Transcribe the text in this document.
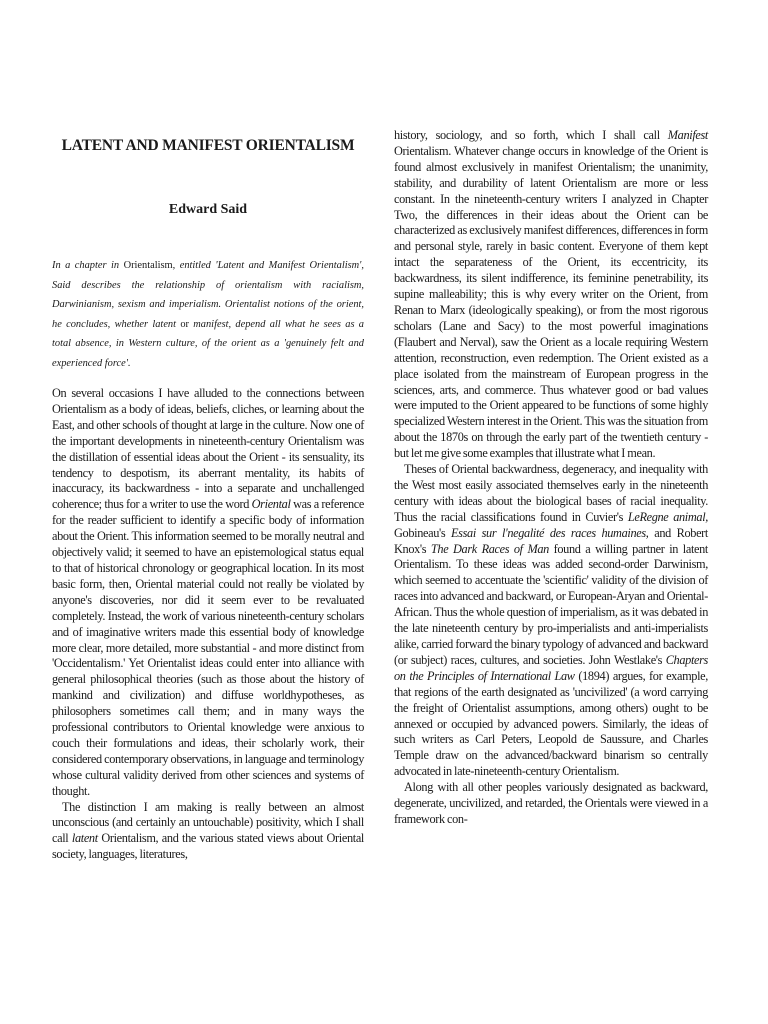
LATENT AND MANIFEST ORIENTALISM
Edward Said

In a chapter in Orientalism, entitled 'Latent and Manifest Orientalism', Said describes the relationship of orientalism with racialism, Darwinianism, sexism and imperialism. Orientalist notions of the orient, he concludes, whether latent or manifest, depend all what he sees as a total absence, in Western culture, of the orient as a 'genuinely felt and experienced force'.

On several occasions I have alluded to the connections between Orientalism as a body of ideas, beliefs, cliches, or learning about the East, and other schools of thought at large in the culture. Now one of the important developments in nineteenth-century Orientalism was the distillation of essential ideas about the Orient - its sensuality, its tendency to despotism, its aberrant mentality, its habits of inaccuracy, its backwardness - into a separate and unchallenged coherence; thus for a writer to use the word Oriental was a reference for the reader sufficient to identify a specific body of information about the Orient. This information seemed to be morally neutral and objectively valid; it seemed to have an epistemological status equal to that of historical chronology or geographical location. In its most basic form, then, Oriental material could not really be violated by anyone's discoveries, nor did it seem ever to be revaluated completely. Instead, the work of various nineteenth-century scholars and of imaginative writers made this essential body of knowledge more clear, more detailed, more substantial - and more distinct from 'Occidentalism.' Yet Orientalist ideas could enter into alliance with general philosophical theories (such as those about the history of mankind and civilization) and diffuse worldhypotheses, as philosophers sometimes call them; and in many ways the professional contributors to Oriental knowledge were anxious to couch their formulations and ideas, their scholarly work, their considered contemporary observations, in language and terminology whose cultural validity derived from other sciences and systems of thought.

The distinction I am making is really between an almost unconscious (and certainly an untouchable) positivity, which I shall call latent Orientalism, and the various stated views about Oriental society, languages, literatures,

history, sociology, and so forth, which I shall call Manifest Orientalism. Whatever change occurs in knowledge of the Orient is found almost exclusively in manifest Orientalism; the unanimity, stability, and durability of latent Orientalism are more or less constant. In the nineteenth-century writers I analyzed in Chapter Two, the differences in their ideas about the Orient can be characterized as exclusively manifest differences, differences in form and personal style, rarely in basic content. Everyone of them kept intact the separateness of the Orient, its eccentricity, its backwardness, its silent indifference, its feminine penetrability, its supine malleability; this is why every writer on the Orient, from Renan to Marx (ideologically speaking), or from the most rigorous scholars (Lane and Sacy) to the most powerful imaginations (Flaubert and Nerval), saw the Orient as a locale requiring Western attention, reconstruction, even redemption. The Orient existed as a place isolated from the mainstream of European progress in the sciences, arts, and commerce. Thus whatever good or bad values were imputed to the Orient appeared to be functions of some highly specialized Western interest in the Orient. This was the situation from about the 1870s on through the early part of the twentieth century - but let me give some examples that illustrate what I mean.

Theses of Oriental backwardness, degeneracy, and inequality with the West most easily associated themselves early in the nineteenth century with ideas about the biological bases of racial inequality. Thus the racial classifications found in Cuvier's LeRegne animal, Gobineau's Essai sur l'negalité des races humaines, and Robert Knox's The Dark Races of Man found a willing partner in latent Orientalism. To these ideas was added second-order Darwinism, which seemed to accentuate the 'scientific' validity of the division of races into advanced and backward, or European-Aryan and Oriental-African. Thus the whole question of imperialism, as it was debated in the late nineteenth century by pro-imperialists and anti-imperialists alike, carried forward the binary typology of advanced and backward (or subject) races, cultures, and societies. John Westlake's Chapters on the Principles of International Law (1894) argues, for example, that regions of the earth designated as 'uncivilized' (a word carrying the freight of Orientalist assumptions, among others) ought to be annexed or occupied by advanced powers. Similarly, the ideas of such writers as Carl Peters, Leopold de Saussure, and Charles Temple draw on the advanced/backward binarism so centrally advocated in late-nineteenth-century Orientalism.

Along with all other peoples variously designated as backward, degenerate, uncivilized, and retarded, the Orientals were viewed in a framework con-
